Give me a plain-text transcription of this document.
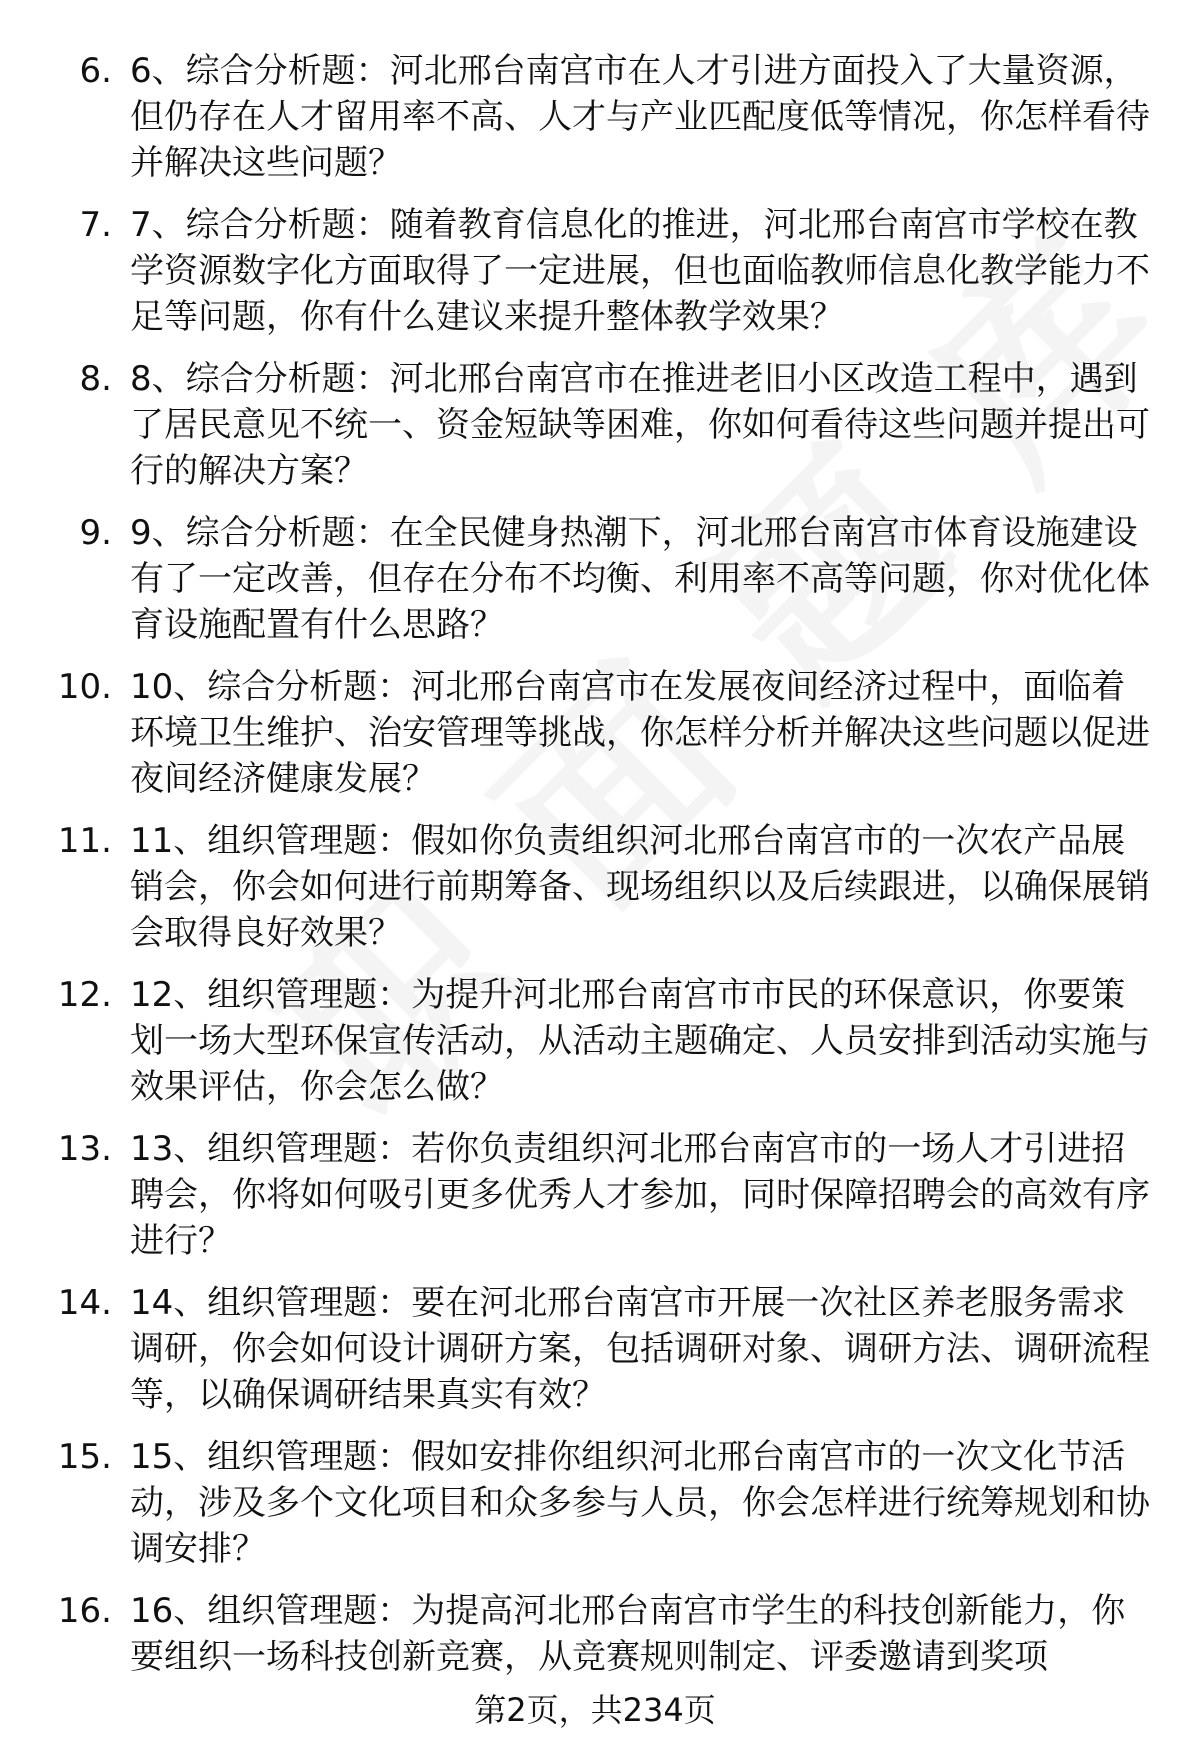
6. 6、综合分析题：河北邢台南宫市在人才引进方面投入了大量资源，但仍存在人才留用率不高、人才与产业匹配度低等情况，你怎样看待并解决这些问题？
7. 7、综合分析题：随着教育信息化的推进，河北邢台南宫市学校在教学资源数字化方面取得了一定进展，但也面临教师信息化教学能力不足等问题，你有什么建议来提升整体教学效果？
8. 8、综合分析题：河北邢台南宫市在推进老旧小区改造工程中，遇到了居民意见不统一、资金短缺等困难，你如何看待这些问题并提出可行的解决方案？
9. 9、综合分析题：在全民健身热潮下，河北邢台南宫市体育设施建设有了一定改善，但存在分布不均衡、利用率不高等问题，你对优化体育设施配置有什么思路？
10. 10、综合分析题：河北邢台南宫市在发展夜间经济过程中，面临着环境卫生维护、治安管理等挑战，你怎样分析并解决这些问题以促进夜间经济健康发展？
11. 11、组织管理题：假如你负责组织河北邢台南宫市的一次农产品展销会，你会如何进行前期筹备、现场组织以及后续跟进，以确保展销会取得良好效果？
12. 12、组织管理题：为提升河北邢台南宫市市民的环保意识，你要策划一场大型环保宣传活动，从活动主题确定、人员安排到活动实施与效果评估，你会怎么做？
13. 13、组织管理题：若你负责组织河北邢台南宫市的一场人才引进招聘会，你将如何吸引更多优秀人才参加，同时保障招聘会的高效有序进行？
14. 14、组织管理题：要在河北邢台南宫市开展一次社区养老服务需求调研，你会如何设计调研方案，包括调研对象、调研方法、调研流程等，以确保调研结果真实有效？
15. 15、组织管理题：假如安排你组织河北邢台南宫市的一次文化节活动，涉及多个文化项目和众多参与人员，你会怎样进行统筹规划和协调安排？
16. 16、组织管理题：为提高河北邢台南宫市学生的科技创新能力，你要组织一场科技创新竞赛，从竞赛规则制定、评委邀请到奖项
第2页，共234页
